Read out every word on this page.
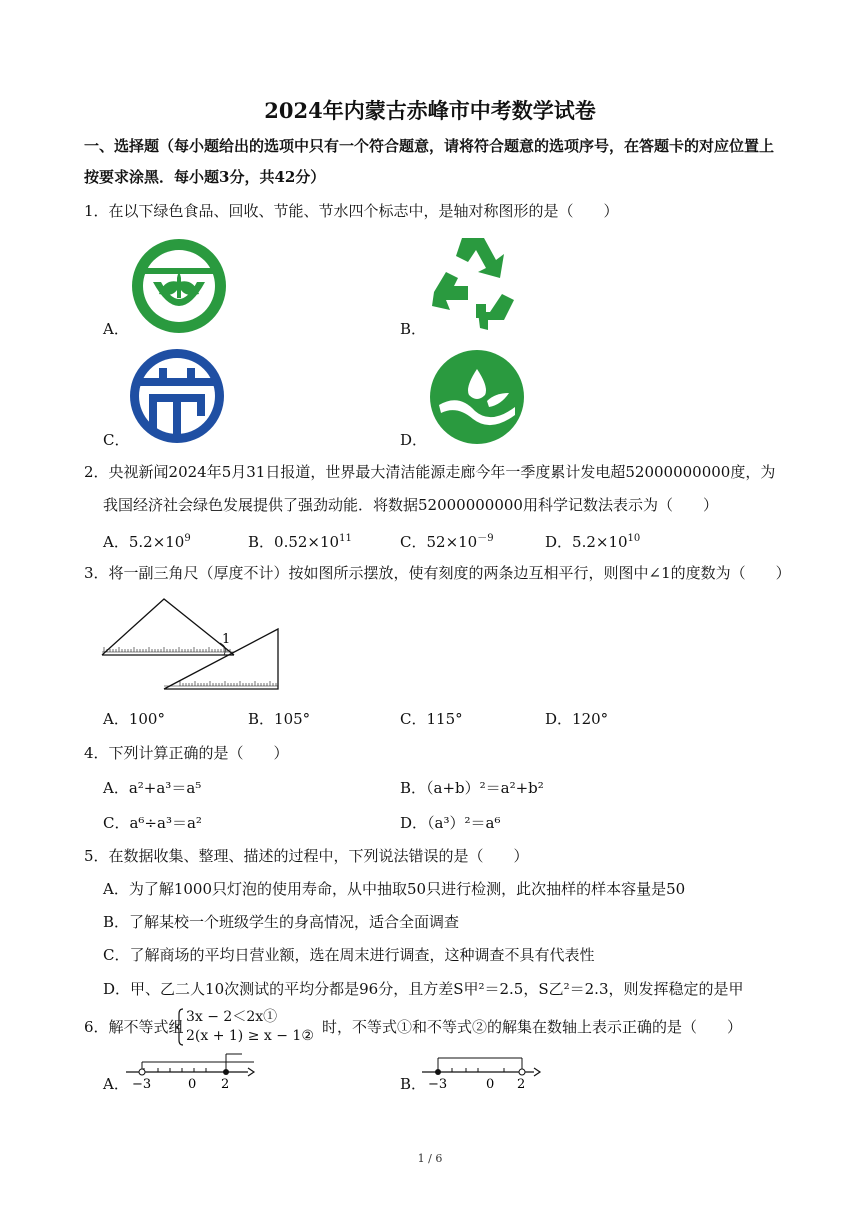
2024年内蒙古赤峰市中考数学试卷
一、选择题（每小题给出的选项中只有一个符合题意，请将符合题意的选项序号，在答题卡的对应位置上
按要求涂黑．每小题3分，共42分）
1．在以下绿色食品、回收、节能、节水四个标志中，是轴对称图形的是（　　）
A．	B．
C．	D．
2．央视新闻2024年5月31日报道，世界最大清洁能源走廊今年一季度累计发电超52000000000度，为
我国经济社会绿色发展提供了强劲动能．将数据52000000000用科学记数法表示为（　　）
A．$5.2\times 10^9$	B．$0.52\times 10^{11}$	C．$52\times 10^{-9}$	D．$5.2\times 10^{10}$
3．将一副三角尺（厚度不计）按如图所示摆放，使有刻度的两条边互相平行，则图中∠1的度数为（　　）
1
A．100°	B．105°	C．115°	D．120°
4．下列计算正确的是（　　）
A．a²+a³＝a⁵	B．（a+b）²＝a²+b²
C．a⁶÷a³＝a²	D．（a³）²＝a⁶
5．在数据收集、整理、描述的过程中，下列说法错误的是（　　）
A．为了解1000只灯泡的使用寿命，从中抽取50只进行检测，此次抽样的样本容量是50
B．了解某校一个班级学生的身高情况，适合全面调查
C．了解商场的平均日营业额，选在周末进行调查，这种调查不具有代表性
D．甲、乙二人10次测试的平均分都是96分，且方差S甲²＝2.5，S乙²＝2.3，则发挥稳定的是甲
6．解不等式组
3x − 2＜2x①
2(x + 1) ≥ x − 1② 时，不等式①和不等式②的解集在数轴上表示正确的是（　　）
A． −3	0 2	B． −3	0 2
1 / 6
